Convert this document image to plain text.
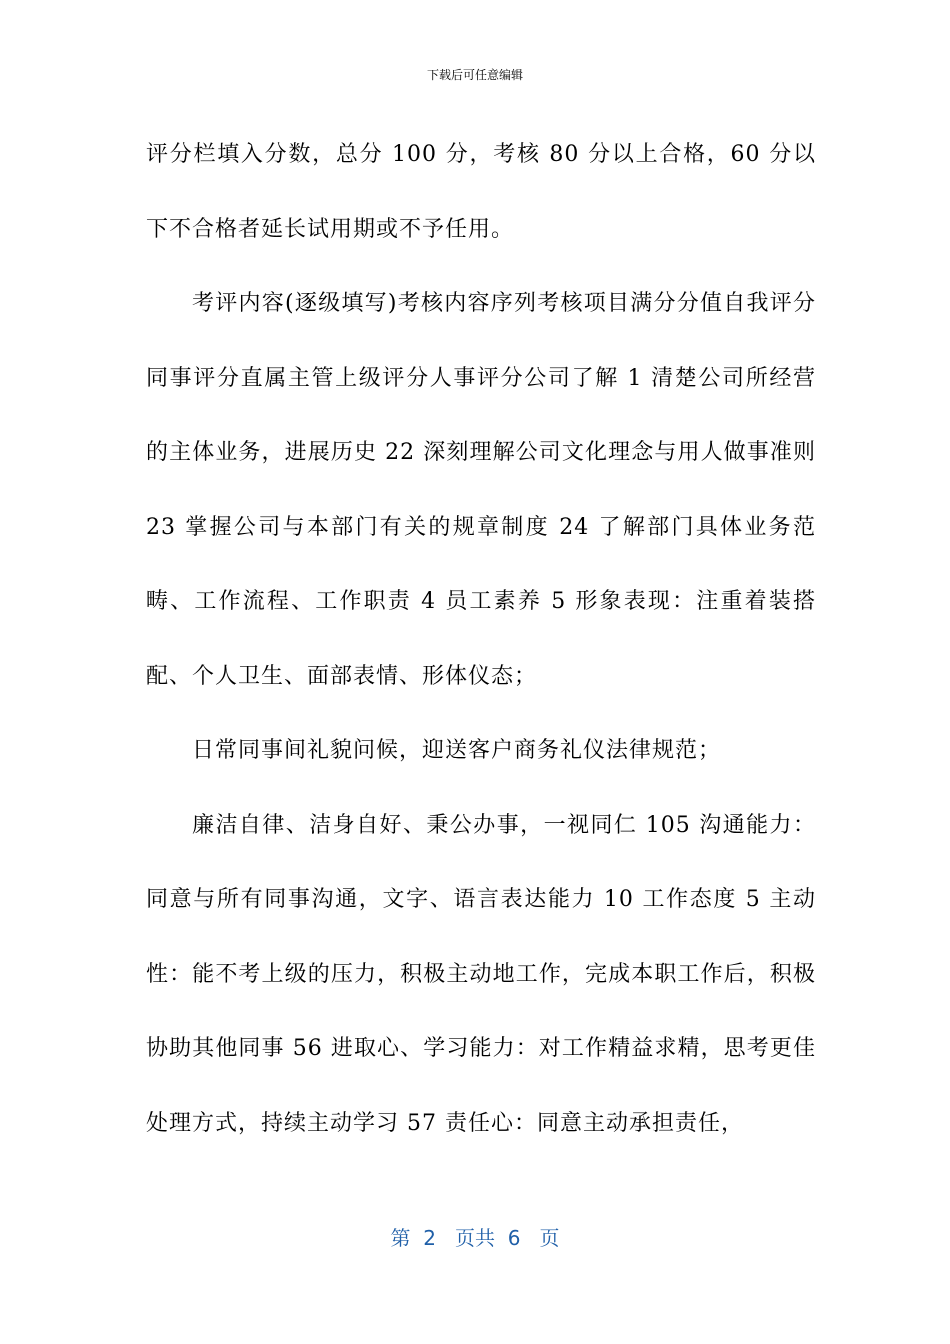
下载后可任意编辑

评分栏填入分数，总分 100 分，考核 80 分以上合格，60 分以下不合格者延长试用期或不予任用。

考评内容(逐级填写)考核内容序列考核项目满分分值自我评分同事评分直属主管上级评分人事评分公司了解 1 清楚公司所经营的主体业务，进展历史 22 深刻理解公司文化理念与用人做事准则 23 掌握公司与本部门有关的规章制度 24 了解部门具体业务范畴、工作流程、工作职责 4 员工素养 5 形象表现：注重着装搭配、个人卫生、面部表情、形体仪态；

日常同事间礼貌问候，迎送客户商务礼仪法律规范；

廉洁自律、洁身自好、秉公办事，一视同仁 105 沟通能力：同意与所有同事沟通，文字、语言表达能力 10 工作态度 5 主动性：能不考上级的压力，积极主动地工作，完成本职工作后，积极协助其他同事 56 进取心、学习能力：对工作精益求精，思考更佳处理方式，持续主动学习 57 责任心：同意主动承担责任，

第  2   页共  6   页
